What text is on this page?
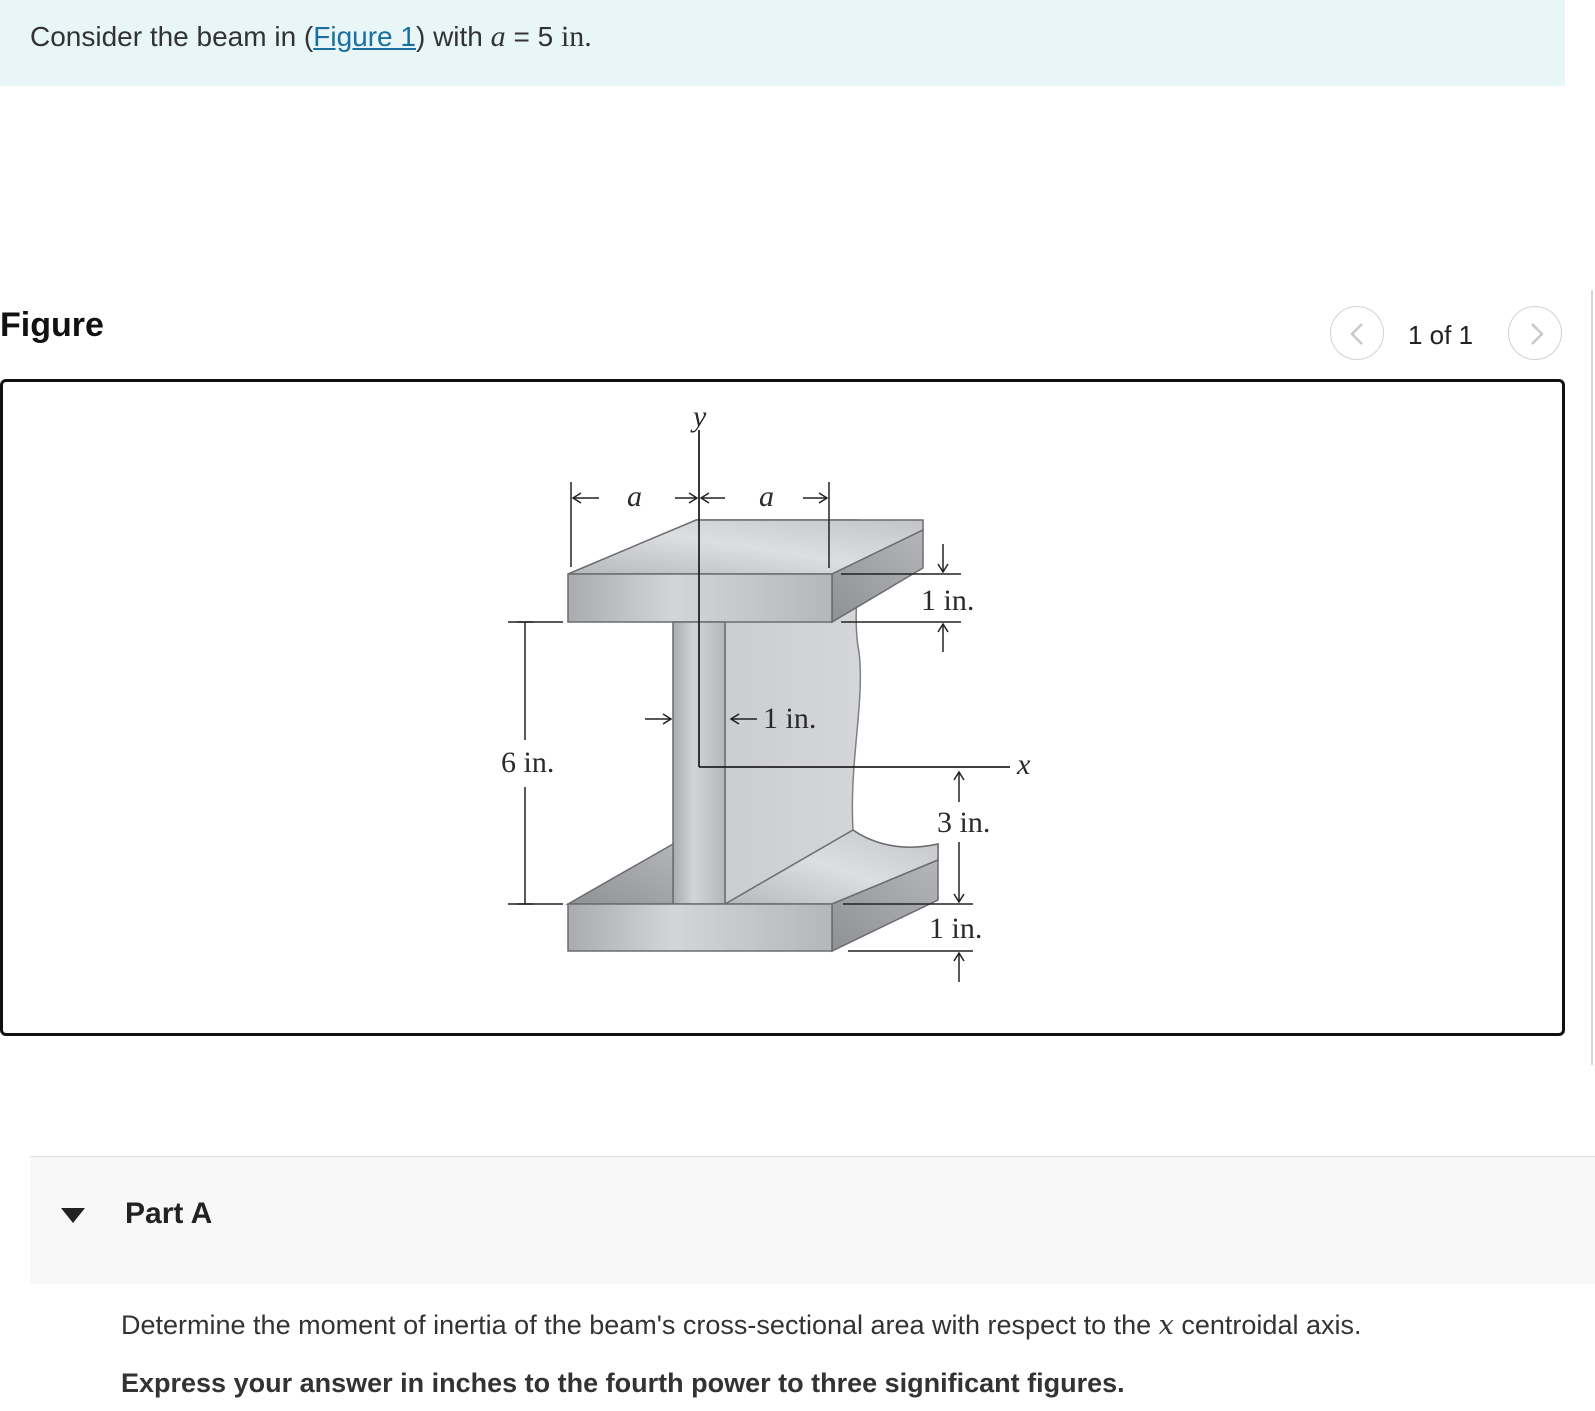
Consider the beam in (Figure 1) with a = 5 in.
Figure	1 of 1
y
x
a	a
1 in.
1 in.
6 in.
3 in.
1 in.
Part A
Determine the moment of inertia of the beam's cross-sectional area with respect to the x centroidal axis.
Express your answer in inches to the fourth power to three significant figures.
